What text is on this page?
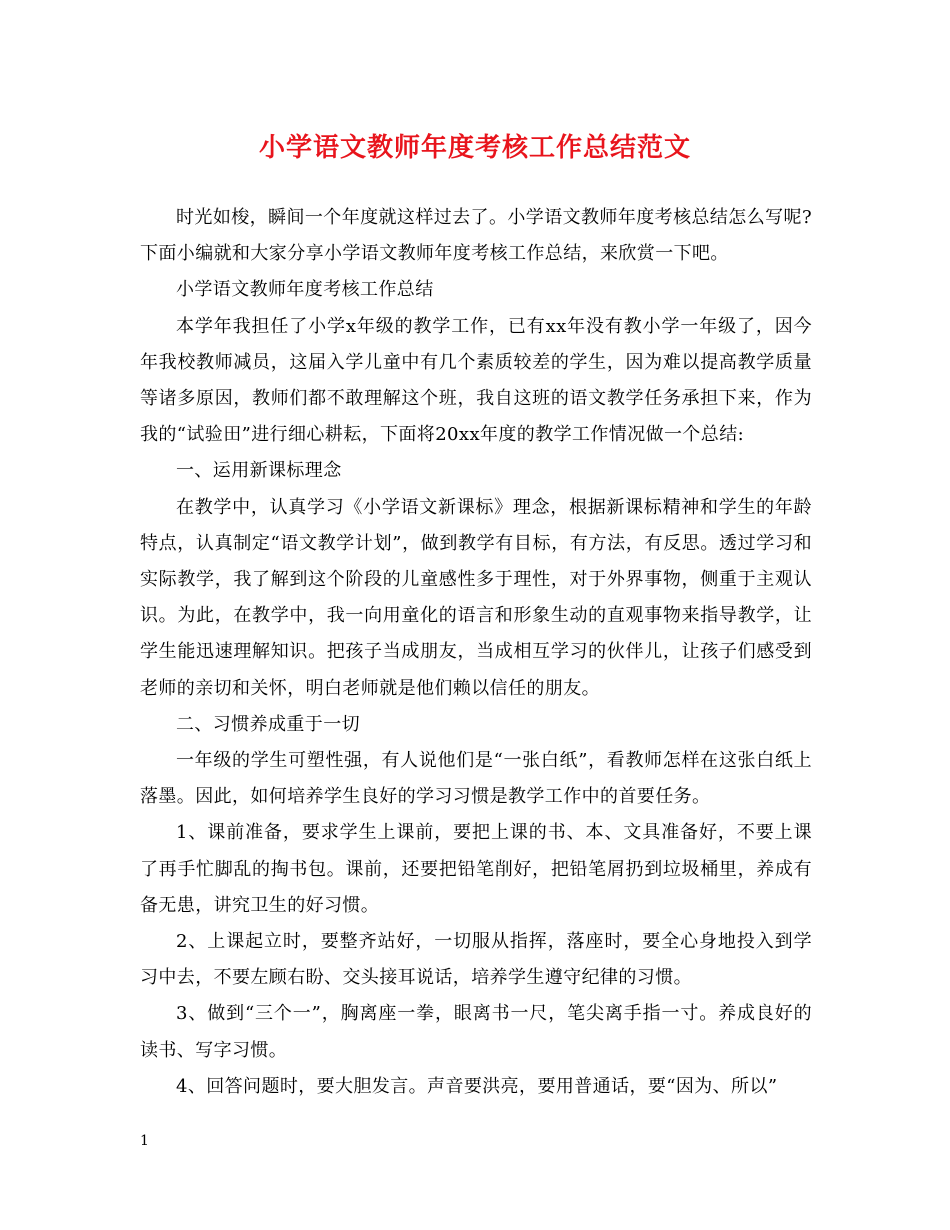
小学语文教师年度考核工作总结范文

时光如梭，瞬间一个年度就这样过去了。小学语文教师年度考核总结怎么写呢?下面小编就和大家分享小学语文教师年度考核工作总结，来欣赏一下吧。

小学语文教师年度考核工作总结

本学年我担任了小学x年级的教学工作，已有xx年没有教小学一年级了，因今年我校教师减员，这届入学儿童中有几个素质较差的学生，因为难以提高教学质量等诸多原因，教师们都不敢理解这个班，我自这班的语文教学任务承担下来，作为我的“试验田”进行细心耕耘，下面将20xx年度的教学工作情况做一个总结:

一、运用新课标理念

在教学中，认真学习《小学语文新课标》理念，根据新课标精神和学生的年龄特点，认真制定“语文教学计划”，做到教学有目标，有方法，有反思。透过学习和实际教学，我了解到这个阶段的儿童感性多于理性，对于外界事物，侧重于主观认识。为此，在教学中，我一向用童化的语言和形象生动的直观事物来指导教学，让学生能迅速理解知识。把孩子当成朋友，当成相互学习的伙伴儿，让孩子们感受到老师的亲切和关怀，明白老师就是他们赖以信任的朋友。

二、习惯养成重于一切

一年级的学生可塑性强，有人说他们是“一张白纸”，看教师怎样在这张白纸上落墨。因此，如何培养学生良好的学习习惯是教学工作中的首要任务。

1、课前准备，要求学生上课前，要把上课的书、本、文具准备好，不要上课了再手忙脚乱的掏书包。课前，还要把铅笔削好，把铅笔屑扔到垃圾桶里，养成有备无患，讲究卫生的好习惯。

2、上课起立时，要整齐站好，一切服从指挥，落座时，要全心身地投入到学习中去，不要左顾右盼、交头接耳说话，培养学生遵守纪律的习惯。

3、做到“三个一”，胸离座一拳，眼离书一尺，笔尖离手指一寸。养成良好的读书、写字习惯。

4、回答问题时，要大胆发言。声音要洪亮，要用普通话，要“因为、所以”

1
